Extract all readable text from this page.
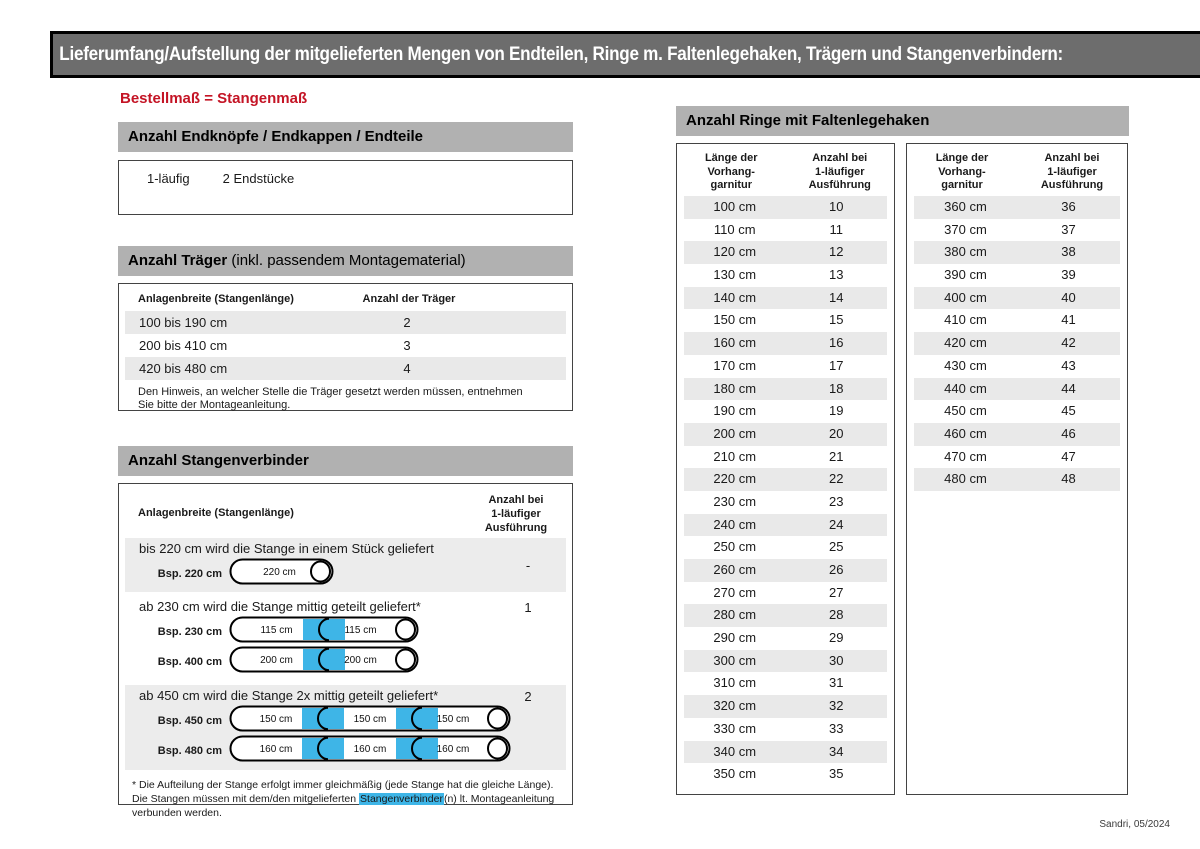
Lieferumfang/Aufstellung der mitgelieferten Mengen von Endteilen, Ringe m. Faltenlegehaken, Trägern und Stangenverbindern:
Bestellmaß = Stangenmaß
Anzahl Endknöpfe / Endkappen / Endteile
1-läufig	2 Endstücke
Anzahl Träger (inkl. passendem Montagematerial)
Anlagenbreite (Stangenlänge)	Anzahl der Träger
100 bis 190 cm	2
200 bis 410 cm	3
420 bis 480 cm	4
Den Hinweis, an welcher Stelle die Träger gesetzt werden müssen, entnehmen Sie bitte der Montageanleitung.
Anzahl Stangenverbinder
Anlagenbreite (Stangenlänge)
Anzahl bei
1-läufiger
Ausführung
bis 220 cm wird die Stange in einem Stück geliefert
-
Bsp. 220 cm	220 cm
ab 230 cm wird die Stange mittig geteilt geliefert*	1
Bsp. 230 cm	115 cm	115 cm
Bsp. 400 cm	200 cm	200 cm
ab 450 cm wird die Stange 2x mittig geteilt geliefert*	2
Bsp. 450 cm	150 cm	150 cm	150 cm
Bsp. 480 cm	160 cm	160 cm	160 cm
* Die Aufteilung der Stange erfolgt immer gleichmäßig (jede Stange hat die gleiche Länge). Die Stangen müssen mit dem/den mitgelieferten Stangenverbinder(n) lt. Montageanleitung verbunden werden.
Anzahl Ringe mit Faltenlegehaken
Länge der
Vorhang-
garnitur
Anzahl bei
1-läufiger
Ausführung
100 cm	10
110 cm	11
120 cm	12
130 cm	13
140 cm	14
150 cm	15
160 cm	16
170 cm	17
180 cm	18
190 cm	19
200 cm	20
210 cm	21
220 cm	22
230 cm	23
240 cm	24
250 cm	25
260 cm	26
270 cm	27
280 cm	28
290 cm	29
300 cm	30
310 cm	31
320 cm	32
330 cm	33
340 cm	34
350 cm	35
Länge der
Vorhang-
garnitur
Anzahl bei
1-läufiger
Ausführung
360 cm	36
370 cm	37
380 cm	38
390 cm	39
400 cm	40
410 cm	41
420 cm	42
430 cm	43
440 cm	44
450 cm	45
460 cm	46
470 cm	47
480 cm	48
Sandri, 05/2024
